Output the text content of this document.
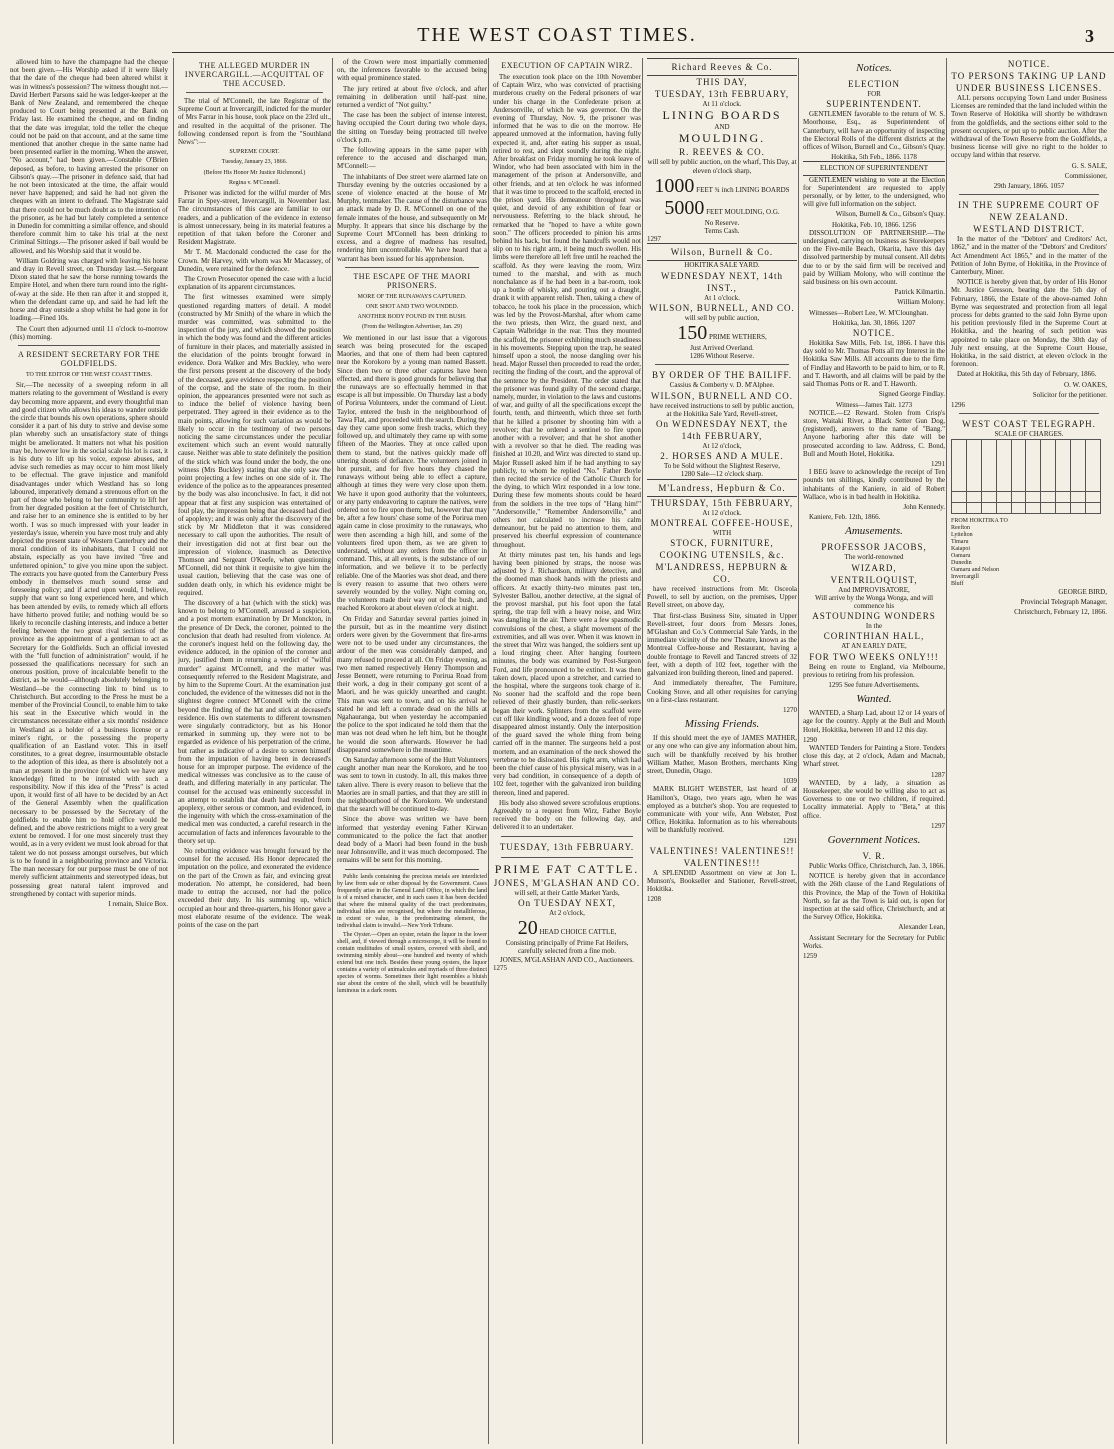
THE WEST COAST TIMES.	3

allowed him to have the champagne had the cheque not been given.—His Worship asked if it were likely that the date of the cheque had been altered whilst it was in witness's possession? The witness thought not.—David Herbert Parsons said he was ledger-keeper at the Bank of New Zealand, and remembered the cheque produced to Court being presented at the Bank on Friday last. He examined the cheque, and on finding that the date was irregular, told the teller the cheque could not be paid on that account, and at the same time mentioned that another cheque in the same name had been presented earlier in the morning. When the answer, "No account," had been given.—Constable O'Brien deposed, as before, to having arrested the prisoner on Gibson's quay.—The prisoner in defence said, that had he not been intoxicated at the time, the affair would never have happened; and said he had not given the cheques with an intent to defraud. The Magistrate said that there could not be much doubt as to the intention of the prisoner, as he had but lately completed a sentence in Dunedin for committing a similar offence, and should therefore commit him to take his trial at the next Criminal Sittings.—The prisoner asked if bail would be allowed, and his Worship said that it would be.

William Goldring was charged with leaving his horse and dray in Revell street, on Thursday last.—Sergeant Dixon stated that he saw the horse running towards the Empire Hotel, and when there turn round into the right-of-way at the side. He then ran after it and stopped it, when the defendant came up, and said he had left the horse and dray outside a shop whilst he had gone in for loading.—Fined 10s.

The Court then adjourned until 11 o'clock to-morrow (this) morning.

A RESIDENT SECRETARY FOR THE GOLDFIELDS.
TO THE EDITOR OF THE WEST COAST TIMES.

Sir,—The necessity of a sweeping reform in all matters relating to the government of Westland is every day becoming more apparent, and every thoughtful man and good citizen who allows his ideas to wander outside the circle that bounds his own operations, sphere should consider it a part of his duty to strive and devise some plan whereby such an unsatisfactory state of things might be ameliorated. It matters not what his position may be, however low in the social scale his lot is cast, it is his duty to lift up his voice, expose abuses, and advise such remedies as may occur to him most likely to be effectual. The grave injustice and manifold disadvantages under which Westland has so long laboured, imperatively demand a strenuous effort on the part of those who belong to her community to lift her from her degraded position at the feet of Christchurch, and raise her to an eminence she is entitled to by her worth. I was so much impressed with your leader in yesterday's issue, wherein you have most truly and ably depicted the present state of Western Canterbury and the moral condition of its inhabitants, that I could not abstain, especially as you have invited "free and unfettered opinion," to give you mine upon the subject. The extracts you have quoted from the Canterbury Press embody in themselves much sound sense and foreseeing policy; and if acted upon would, I believe, supply that want so long experienced here, and which has been attended by evils, to remedy which all efforts have hitherto proved futile; and nothing would be so likely to reconcile clashing interests, and induce a better feeling between the two great rival sections of the province as the appointment of a gentleman to act as Secretary for the Goldfields. Such an official invested with the "full function of administration" would, if he possessed the qualifications necessary for such an onerous position, prove of incalculable benefit to the district, as he would—although absolutely belonging to Westland—be the connecting link to bind us to Christchurch. But according to the Press he must be a member of the Provincial Council, to enable him to take his seat in the Executive which would in the circumstances necessitate either a six months' residence in Westland as a holder of a business license or a miner's right, or the possessing the property qualification of an Eastland voter. This in itself constitutes, to a great degree, insurmountable obstacle to the adoption of this idea, as there is absolutely not a man at present in the province (of which we have any knowledge) fitted to be intrusted with such a responsibility. Now if this idea of the "Press" is acted upon, it would first of all have to be decided by an Act of the General Assembly when the qualification necessary to be possessed by the Secretary of the goldfields to enable him to hold office would be defined, and the above restrictions might to a very great extent be removed. I for one most sincerely trust they would, as in a very evident we must look abroad for that talent we do not possess amongst ourselves, but which is to be found in a neighbouring province and Victoria. The man necessary for our purpose must be one of not merely sufficient attainments and stereotyped ideas, but possessing great natural talent improved and strengthened by contact with superior minds.

I remain, Sluice Box.

THE ALLEGED MURDER IN INVERCARGILL.—ACQUITTAL OF THE ACCUSED.

The trial of M'Connell, the late Registrar of the Supreme Court at Invercargill, indicted for the murder of Mrs Farrar in his house, took place on the 23rd ult., and resulted in the acquittal of the prisoner. The following condensed report is from the "Southland News":—

SUPREME COURT.
Tuesday, January 23, 1866.
(Before His Honor Mr Justice Richmond.)
Regina v. M'Connell.

Prisoner was indicted for the wilful murder of Mrs Farrar in Spey-street, Invercargill, in November last. The circumstances of this case are familiar to our readers, and a publication of the evidence in extenso is almost unnecessary, being in its material features a repetition of that taken before the Coroner and Resident Magistrate.

Mr T. M. Macdonald conducted the case for the Crown. Mr Harvey, with whom was Mr Macassey, of Dunedin, were retained for the defence.

The Crown Prosecutor opened the case with a lucid explanation of its apparent circumstances.

The first witnesses examined were simply questioned regarding matters of detail. A model (constructed by Mr Smith) of the whare in which the murder was committed, was submitted to the inspection of the jury, and which showed the position in which the body was found and the different articles of furniture in their places, and materially assisted in the elucidation of the points brought forward in evidence. Dora Walker and Mrs Buckley, who were the first persons present at the discovery of the body of the deceased, gave evidence respecting the position of the corpse, and the state of the room. In their opinion, the appearances presented were not such as to induce the belief of violence having been perpetrated. They agreed in their evidence as to the main points, allowing for such variation as would be likely to occur in the testimony of two persons noticing the same circumstances under the peculiar excitement which such an event would naturally cause. Neither was able to state definitely the position of the stick which was found under the body, the one witness (Mrs Buckley) stating that she only saw the point projecting a few inches on one side of it. The evidence of the police as to the appearances presented by the body was also inconclusive. In fact, it did not appear that at first any suspicion was entertained of foul play, the impression being that deceased had died of apoplexy; and it was only after the discovery of the stick by Mr Middleton that it was considered necessary to call upon the authorities. The result of their investigation did not at first bear out the impression of violence, inasmuch as Detective Thomson and Sergeant O'Keefe, when questioning M'Connell, did not think it requisite to give him the usual caution, believing that the case was one of sudden death only, in which his evidence might be required.

The discovery of a hat (which with the stick) was known to belong to M'Connell, aroused a suspicion, and a post mortem examination by Dr Monckton, in the presence of Dr Deck, the coroner, pointed to the conclusion that death had resulted from violence. At the coroner's inquest held on the following day, the evidence adduced, in the opinion of the coroner and jury, justified them in returning a verdict of "wilful murder" against M'Connell, and the matter was consequently referred to the Resident Magistrate, and by him to the Supreme Court. At the examination just concluded, the evidence of the witnesses did not in the slightest degree connect M'Connell with the crime beyond the finding of the hat and stick at deceased's residence. His own statements to different townsmen were singularly contradictory, but as his Honor remarked in summing up, they were not to be regarded as evidence of his perpetration of the crime, but rather as indicative of a desire to screen himself from the imputation of having been in deceased's house for an improper purpose. The evidence of the medical witnesses was conclusive as to the cause of death, and differing materially in any particular. The counsel for the accused was eminently successful in an attempt to establish that death had resulted from apoplexy, either serous or common, and evidenced, in the ingenuity with which the cross-examination of the medical men was conducted, a careful research in the accumulation of facts and inferences favourable to the theory set up.

No rebutting evidence was brought forward by the counsel for the accused. His Honor deprecated the imputation on the police, and exonerated the evidence on the part of the Crown as fair, and evincing great moderation. No attempt, he considered, had been made to entrap the accused, nor had the police exceeded their duty. In his summing up, which occupied an hour and three-quarters, his Honor gave a most elaborate resume of the evidence. The weak points of the case on the part

of the Crown were most impartially commented on, the inferences favorable to the accused being with equal prominence stated.

The jury retired at about five o'clock, and after remaining in deliberation until half-past nine, returned a verdict of "Not guilty."

The case has been the subject of intense interest, having occupied the Court during two whole days, the sitting on Tuesday being protracted till twelve o'clock p.m.

The following appears in the same paper with reference to the accused and discharged man, M'Connell:—

The inhabitants of Dee street were alarmed late on Thursday evening by the outcries occasioned by a scene of violence enacted at the house of Mr Murphy, tentmaker. The cause of the disturbance was an attack made by D. R. M'Connell on one of the female inmates of the house, and subsequently on Mr Murphy. It appears that since his discharge by the Supreme Court M'Connell has been drinking to excess, and a degree of madness has resulted, rendering him uncontrollable. We have heard that a warrant has been issued for his apprehension.

THE ESCAPE OF THE MAORI PRISONERS.
MORE OF THE RUNAWAYS CAPTURED.
ONE SHOT AND TWO WOUNDED.
ANOTHER BODY FOUND IN THE BUSH.
(From the Wellington Advertiser, Jan. 29)

We mentioned in our last issue that a vigorous search was being prosecuted for the escaped Maories, and that one of them had been captured near the Korokoro by a young man named Bassett. Since then two or three other captures have been effected, and there is good grounds for believing that the runaways are so effectually hemmed in that escape is all but impossible. On Thursday last a body of Porirua Volunteers, under the command of Lieut. Taylor, entered the bush in the neighbourhood of Tawa Flat, and proceeded with the search. During the day they came upon some fresh tracks, which they followed up, and ultimately they came up with some fifteen of the Maories. They at once called upon them to stand, but the natives quickly made off uttering shouts of defiance. The volunteers joined in hot pursuit, and for five hours they chased the runaways without being able to effect a capture, although at times they were very close upon them. We have it upon good authority that the volunteers, or any party endeavoring to capture the natives, were ordered not to fire upon them; but, however that may be, after a few hours' chase some of the Porirua men again came in close proximity to the runaways, who were then ascending a high hill, and some of the volunteers fired upon them, as we are given to understand, without any orders from the officer in command. This, at all events, is the substance of our information, and we believe it to be perfectly reliable. One of the Maories was shot dead, and there is every reason to assume that two others were severely wounded by the volley. Night coming on, the volunteers made their way out of the bush, and reached Korokoro at about eleven o'clock at night.

On Friday and Saturday several parties joined in the pursuit, but as in the meantime very distinct orders were given by the Government that fire-arms were not to be used under any circumstances, the ardour of the men was considerably damped, and many refused to proceed at all. On Friday evening, as two men named respectively Henry Thompson and Jesse Bennett, were returning to Porirua Road from their work, a dog in their company got scent of a Maori, and he was quickly unearthed and caught. This man was sent to town, and on his arrival he stated he and left a comrade dead on the hills at Ngahauranga, but when yesterday he accompanied the police to the spot indicated he told them that the man was not dead when he left him, but he thought he would die soon afterwards. However he had disappeared somewhere in the meantime.

On Saturday afternoon some of the Hutt Volunteers caught another man near the Korokoro, and he too was sent to town in custody. In all, this makes three taken alive. There is every reason to believe that the Maories are in small parties, and that they are still in the neighbourhood of the Korokoro. We understand that the search will be continued to-day.

Since the above was written we have been informed that yesterday evening Father Kirwan communicated to the police the fact that another dead body of a Maori had been found in the bush near Johnsonville, and it was much decomposed. The remains will be sent for this morning.

Public lands containing the precious metals are interdicted by law from sale or other disposal by the Government. Cases frequently arise in the General Land Office, in which the land is of a mixed character, and in such cases it has been decided that where the mineral quality of the tract predominates, individual titles are recognised, but where the metalliferous, in extent or value, is the predominating element, the individual claim is invalid.—New York Tribune.

The Oyster.—Open an oyster, retain the liquor in the lower shell, and, if viewed through a microscope, it will be found to contain multitudes of small oysters, covered with shell, and swimming nimbly about—one hundred and twenty of which extend but one inch. Besides these young oysters, the liquor contains a variety of animalcules and myriads of three distinct species of worms. Sometimes their light resembles a bluish star about the centre of the shell, which will be beautifully luminous in a dark room.

EXECUTION OF CAPTAIN WIRZ.

The execution took place on the 10th November of Captain Wirz, who was convicted of practising murderous cruelty on the Federal prisoners of war under his charge in the Confederate prison at Andersonville, of which he was governor. On the evening of Thursday, Nov. 9, the prisoner was informed that he was to die on the morrow. He appeared unmoved at the information, having fully expected it, and, after eating his supper as usual, retired to rest, and slept soundly during the night. After breakfast on Friday morning he took leave of Windor, who had been associated with him in the management of the prison at Andersonville, and other friends, and at ten o'clock he was informed that it was time to proceed to the scaffold, erected in the prison yard. His demeanour throughout was quiet, and devoid of any exhibition of fear or nervousness. Referring to the black shroud, he remarked that he "hoped to have a white gown soon." The officers proceeded to pinion his arms behind his back, but found the handcuffs would not slip on to his right arm, it being much swollen. His limbs were therefore all left free until he reached the scaffold. As they were leaving the room, Wirz turned to the marshal, and with as much nonchalance as if he had been in a bar-room, took up a bottle of whisky, and pouring out a draught, drank it with apparent relish. Then, taking a chew of tobacco, he took his place in the procession, which was led by the Provost-Marshal, after whom came the two priests, then Wirz, the guard next, and Captain Walbridge in the rear. Thus they mounted the scaffold, the prisoner exhibiting much steadiness in his movements. Stepping upon the trap, he seated himself upon a stool, the noose dangling over his head. Major Russel then proceeded to read the order, reciting the finding of the court, and the approval of the sentence by the President. The order stated that the prisoner was found guilty of the second charge, namely, murder, in violation to the laws and customs of war, and guilty of all the specifications except the fourth, tenth, and thirteenth, which three set forth that he killed a prisoner by shooting him with a revolver; that he ordered a sentinel to fire upon another with a revolver; and that he shot another with a revolver so that he died. The reading was finished at 10.20, and Wirz was directed to stand up. Major Russell asked him if he had anything to say publicly, to whom he replied "No." Father Boyle then recited the service of the Catholic Church for the dying, to which Wirz responded in a low tone. During these few moments shouts could be heard from the soldiers in the tree tops of "Hang him!" "Andersonville," "Remember Andersonville," and others not calculated to increase his calm demeanour, but he paid no attention to them, and preserved his cheerful expression of countenance throughout.

At thirty minutes past ten, his hands and legs having been pinioned by straps, the noose was adjusted by J. Richardson, military detective, and the doomed man shook hands with the priests and officers. At exactly thirty-two minutes past ten, Sylvester Ballou, another detective, at the signal of the provost marshal, put his foot upon the fatal spring, the trap fell with a heavy noise, and Wirz was dangling in the air. There were a few spasmodic convulsions of the chest, a slight movement of the extremities, and all was over. When it was known in the street that Wirz was hanged, the soldiers sent up a loud ringing cheer. After hanging fourteen minutes, the body was examined by Post-Surgeon Ford, and life pronounced to be extinct. It was then taken down, placed upon a stretcher, and carried to the hospital, where the surgeons took charge of it. No sooner had the scaffold and the rope been relieved of their ghastly burden, than relic-seekers began their work. Splinters from the scaffold were cut off like kindling wood, and a dozen feet of rope disappeared almost instantly. Only the interposition of the guard saved the whole thing from being carried off in the manner. The surgeons held a post mortem, and an examination of the neck showed the vertebrae to be dislocated. His right arm, which had been the chief cause of his physical misery, was in a very bad condition, in consequence of a depth of 102 feet, together with the galvanized iron building thereon, lined and papered.

His body also showed severe scrofulous eruptions. Agreeably to a request from Wirz, Father Boyle received the body on the following day, and delivered it to an undertaker.

TUESDAY, 13th FEBRUARY.
PRIME FAT CATTLE.
JONES, M'GLASHAN AND CO.
will sell, at their Cattle Market Yards,
On TUESDAY NEXT,
At 2 o'clock,
20 HEAD CHOICE CATTLE,
Consisting principally of Prime Fat Heifers, carefully selected from a fine mob.
JONES, M'GLASHAN AND CO., Auctioneers.
1275
Richard Reeves & Co.
THIS DAY,
TUESDAY, 13th FEBRUARY,
At 11 o'clock.
LINING BOARDS
AND
MOULDING.
R. REEVES & CO.
will sell by public auction, on the wharf, This Day, at eleven o'clock sharp,
1000 FEET ¾ inch LINING BOARDS
5000 FEET MOULDING, O.G.
No Reserve.
Terms Cash.
1297
Wilson, Burnell & Co.
HOKITIKA SALE YARD.
WEDNESDAY NEXT, 14th INST.,
At 1 o'clock.
WILSON, BURNELL, AND CO.
will sell by public auction,
150 PRIME WETHERS,
Just Arrived Overland.
1286 Without Reserve.
BY ORDER OF THE BAILIFF.
Cassius & Comberty v. D. M'Alphee.
WILSON, BURNELL AND CO.
have received instructions to sell by public auction, at the Hokitika Sale Yard, Revell-street,
On WEDNESDAY NEXT, the 14th FEBRUARY,
At 12 o'clock,
2. HORSES AND A MULE.
To be Sold without the Slightest Reserve,
1280 Sale—12 o'clock sharp.
M'Landress, Hepburn & Co.
THURSDAY, 15th FEBRUARY,
At 12 o'clock.
MONTREAL COFFEE-HOUSE,
WITH
STOCK, FURNITURE, COOKING UTENSILS, &c.
M'LANDRESS, HEPBURN & CO.

have received instructions from Mr. Osceola Powell, to sell by auction, on the premises, Upper Revell street, on above day,

That first-class Business Site, situated in Upper Revell-street, four doors from Messrs Jones, M'Glashan and Co.'s Commercial Sale Yards, in the immediate vicinity of the new Theatre, known as the Montreal Coffee-house and Restaurant, having a double frontage to Revell and Tancred streets of 32 feet, with a depth of 102 feet, together with the galvanized iron building thereon, lined and papered.

And immediately thereafter, The Furniture, Cooking Stove, and all other requisites for carrying on a first-class restaurant.

1270
Missing Friends.

If this should meet the eye of JAMES MATHER, or any one who can give any information about him, such will be thankfully received by his brother William Mather, Mason Brothers, merchants King street, Dunedin, Otago.

1039

MARK BLIGHT WEBSTER, last heard of at Hamilton's, Otago, two years ago, when he was employed as a butcher's shop. You are requested to communicate with your wife, Ann Webster, Post Office, Hokitika. Information as to his whereabouts will be thankfully received.

1291
VALENTINES! VALENTINES!! VALENTINES!!!

A SPLENDID Assortment on view at Jon L. Munson's, Bookseller and Stationer, Revell-street, Hokitika.

1208
Notices.
ELECTION
FOR
SUPERINTENDENT.

GENTLEMEN favorable to the return of W. S. Moorhouse, Esq., as Superintendent of Canterbury, will have an opportunity of inspecting the Electoral Rolls of the different districts at the offices of Wilson, Burnell and Co., Gibson's Quay.

Hokitika, 5th Feb., 1866. 1178
ELECTION OF SUPERINTENDENT

GENTLEMEN wishing to vote at the Election for Superintendent are requested to apply personally, or by letter, to the undersigned, who will give full information on the subject.

Wilson, Burnell & Co., Gibson's Quay.

Hokitika, Feb. 10, 1866. 1256

DISSOLUTION OF PARTNERSHIP.—The undersigned, carrying on business as Storekeepers on the Five-mile Beach, Okarita, have this day dissolved partnership by mutual consent. All debts due to or by the said firm will be received and paid by William Molony, who will continue the said business on his own account.

Patrick Kilmartin.

William Molony.

Witnesses—Robert Lee, W. M'Clounghan.

Hokitika, Jan. 30, 1866. 1207
NOTICE.

Hokitika Saw Mills, Feb. 1st, 1866. I have this day sold to Mr. Thomas Potts all my Interest in the Hokitika Saw Mills. All accounts due to the firm of Findlay and Haworth to be paid to him, or to R. and T. Haworth, and all claims will be paid by the said Thomas Potts or R. and T. Haworth.

Signed George Findlay.

Witness—James Tait. 1273

NOTICE.—£2 Reward. Stolen from Crisp's store, Waitaki River, a Black Setter Gun Dog, (registered), answers to the name of "Bang." Anyone harboring after this date will be prosecuted according to law. Address, C. Bond, Bull and Mouth Hotel, Hokitika.

1291

I BEG leave to acknowledge the receipt of Ten pounds ten shillings, kindly contributed by the inhabitants of the Kaniere, in aid of Robert Wallace, who is in bad health in Hokitika.

John Kennedy.

Kaniere, Feb. 12th, 1866.

Amusements.
PROFESSOR JACOBS,
The world-renowned
WIZARD,
VENTRILOQUIST,
And IMPROVISATORE,
Will arrive by the Wonga Wonga, and will commence his
ASTOUNDING WONDERS
In the
CORINTHIAN HALL,
AT AN EARLY DATE,
FOR TWO WEEKS ONLY!!!

Being en route to England, via Melbourne, previous to retiring from his profession.

1295 See future Advertisements.
Wanted.

WANTED, a Sharp Lad, about 12 or 14 years of age for the country. Apply at the Bull and Mouth Hotel, Hokitika, between 10 and 12 this day.

1290

WANTED Tenders for Painting a Store. Tenders close this day, at 2 o'clock, Adam and Macnab, Wharf street.

1287

WANTED, by a lady, a situation as Housekeeper, she would be willing also to act as Governess to one or two children, if required. Locality immaterial. Apply to "Beta," at this office.

1297
Government Notices.
V. R.

Public Works Office, Christchurch, Jan. 3, 1866.

NOTICE is hereby given that in accordance with the 26th clause of the Land Regulations of this Province, the Map of the Town of Hokitika North, so far as the Town is laid out, is open for inspection at the said office, Christchurch, and at the Survey Office, Hokitika.

Alexander Lean,

Assistant Secretary for the Secretary for Public Works.

1259
NOTICE.
TO PERSONS TAKING UP LAND UNDER BUSINESS LICENSES.

ALL persons occupying Town Land under Business Licenses are reminded that the land included within the Town Reserve of Hokitika will shortly be withdrawn from the goldfields, and the sections either sold to the present occupiers, or put up to public auction. After the withdrawal of the Town Reserve from the Goldfields, a business license will give no right to the holder to occupy land within that reserve.

G. S. SALE,

Commissioner,

29th January, 1866. 1057
IN THE SUPREME COURT OF NEW ZEALAND.
WESTLAND DISTRICT.

In the matter of the "Debtors' and Creditors' Act, 1862," and in the matter of the "Debtors' and Creditors' Act Amendment Act 1865," and in the matter of the Petition of John Byrne, of Hokitika, in the Province of Canterbury, Miner.

NOTICE is hereby given that, by order of His Honor Mr. Justice Gresson, bearing date the 5th day of February, 1866, the Estate of the above-named John Byrne was sequestrated and protection from all legal process for debts granted to the said John Byrne upon his petition previously filed in the Supreme Court at Hokitika, and the hearing of such petition was appointed to take place on Monday, the 30th day of July next ensuing, at the Supreme Court House, Hokitika, in the said district, at eleven o'clock in the forenoon.

Dated at Hokitika, this 5th day of February, 1866.

O. W. OAKES,

Solicitor for the petitioner.

1296
WEST COAST TELEGRAPH.
SCALE OF CHARGES.

FROM HOKITIKA TO
Reefton
Lyttelton
Timaru
Kaiapoi
Oamaru
Dunedin
Oamaru and Nelson
Invercargill
Bluff

GEORGE BIRD,

Provincial Telegraph Manager,

Christchurch, February 12, 1866.
